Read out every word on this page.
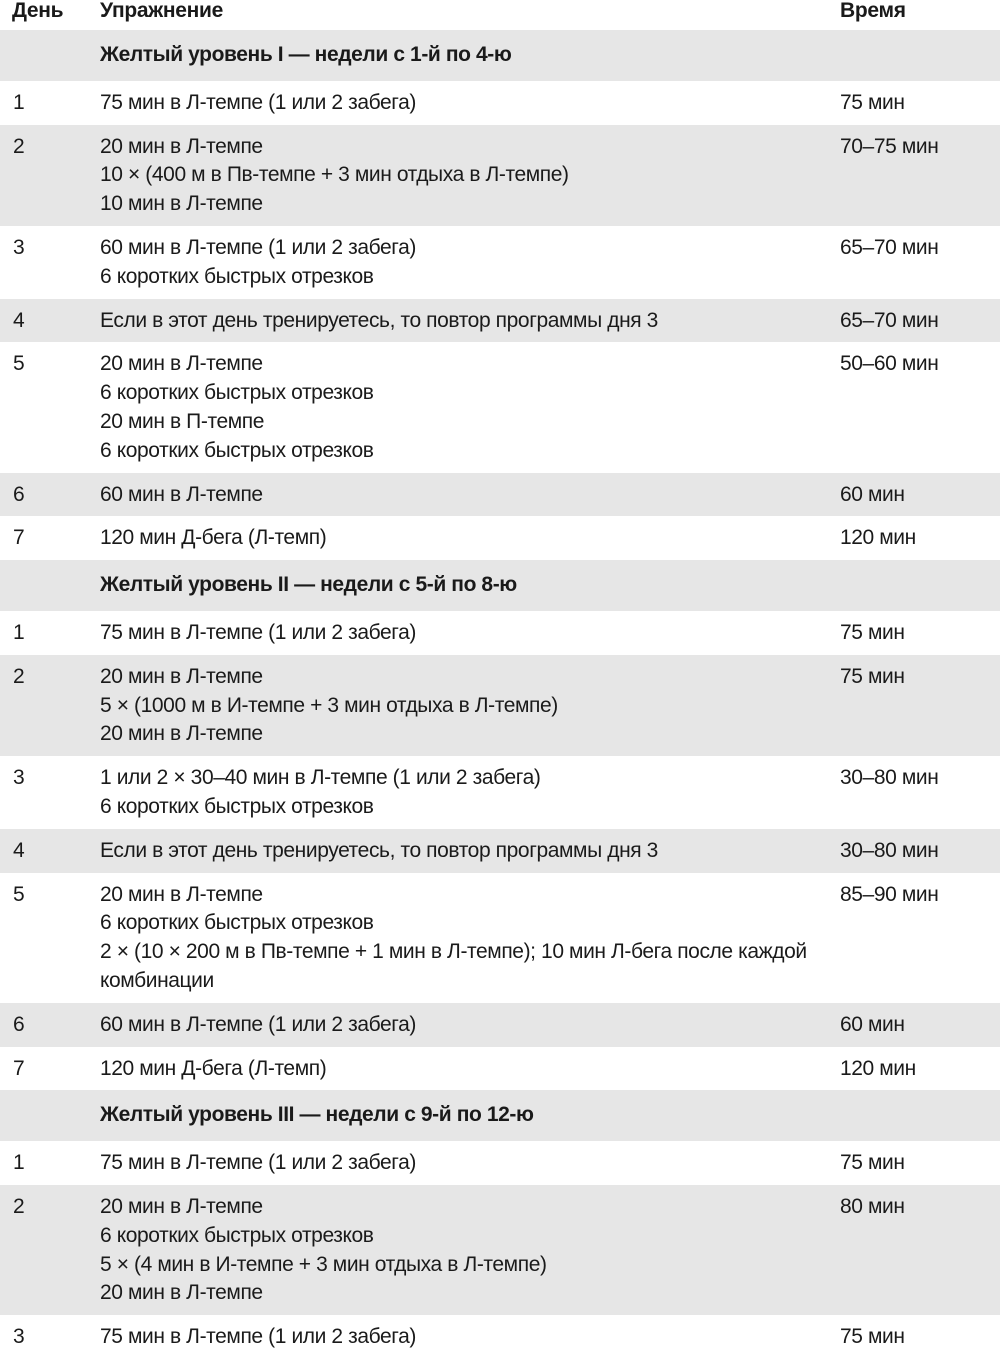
День	Упражнение	Время
	Желтый уровень I — недели с 1-й по 4-ю	
1	75 мин в Л-темпе (1 или 2 забега)	75 мин
2	20 мин в Л-темпе
10 × (400 м в Пв-темпе + 3 мин отдыха в Л-темпе)
10 мин в Л-темпе	70–75 мин
3	60 мин в Л-темпе (1 или 2 забега)
6 коротких быстрых отрезков	65–70 мин
4	Если в этот день тренируетесь, то повтор программы дня 3	65–70 мин
5	20 мин в Л-темпе
6 коротких быстрых отрезков
20 мин в П-темпе
6 коротких быстрых отрезков	50–60 мин
6	60 мин в Л-темпе	60 мин
7	120 мин Д-бега (Л-темп)	120 мин
	Желтый уровень II — недели с 5-й по 8-ю	
1	75 мин в Л-темпе (1 или 2 забега)	75 мин
2	20 мин в Л-темпе
5 × (1000 м в И-темпе + 3 мин отдыха в Л-темпе)
20 мин в Л-темпе	75 мин
3	1 или 2 × 30–40 мин в Л-темпе (1 или 2 забега)
6 коротких быстрых отрезков	30–80 мин
4	Если в этот день тренируетесь, то повтор программы дня 3	30–80 мин
5	20 мин в Л-темпе
6 коротких быстрых отрезков
2 × (10 × 200 м в Пв-темпе + 1 мин в Л-темпе); 10 мин Л-бега после каждой комбинации	85–90 мин
6	60 мин в Л-темпе (1 или 2 забега)	60 мин
7	120 мин Д-бега (Л-темп)	120 мин
	Желтый уровень III — недели с 9-й по 12-ю	
1	75 мин в Л-темпе (1 или 2 забега)	75 мин
2	20 мин в Л-темпе
6 коротких быстрых отрезков
5 × (4 мин в И-темпе + 3 мин отдыха в Л-темпе)
20 мин в Л-темпе	80 мин
3	75 мин в Л-темпе (1 или 2 забега)	75 мин
